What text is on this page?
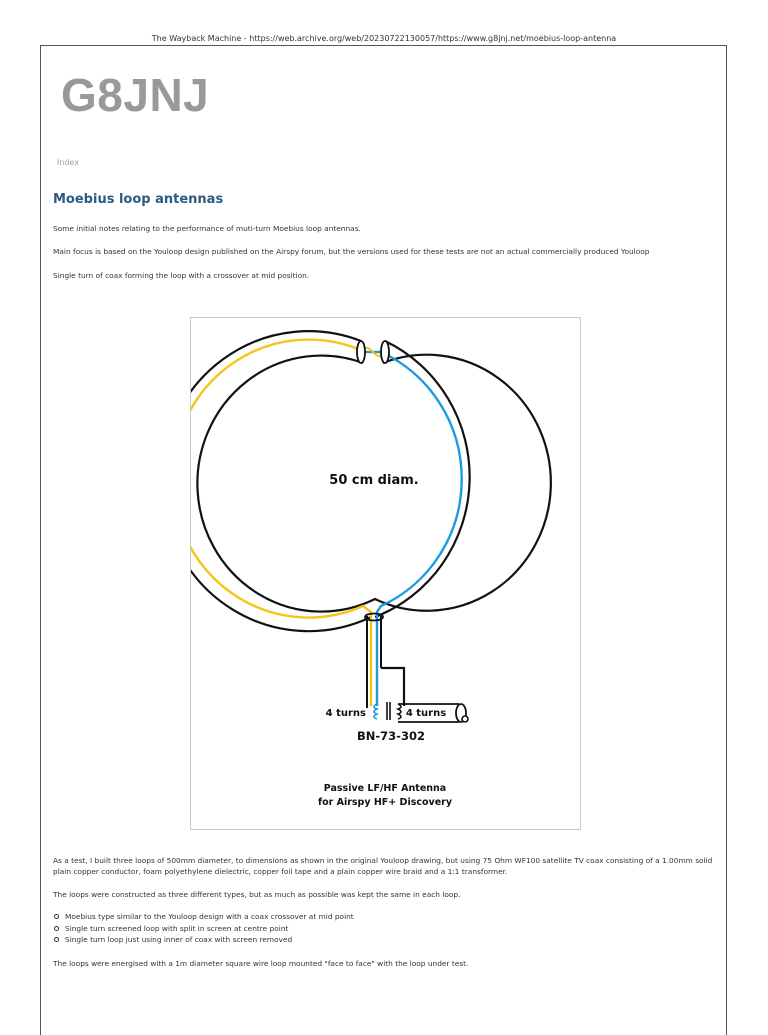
The Wayback Machine - https://web.archive.org/web/20230722130057/https://www.g8jnj.net/moebius-loop-antenna
G8JNJ
Index
Moebius loop antennas

Some initial notes relating to the performance of muti-turn Moebius loop antennas.

Main focus is based on the Youloop design published on the Airspy forum, but the versions used for these tests are not an actual commercially produced Youloop

Single turn of coax forming the loop with a crossover at mid position.

50 cm diam.
4 turns	4 turns
BN-73-302
Passive LF/HF Antenna
for Airspy HF+ Discovery

As a test, I built three loops of 500mm diameter, to dimensions as shown in the original Youloop drawing, but using 75 Ohm WF100 satellite TV coax consisting of a 1.00mm solid plain copper conductor, foam polyethylene dielectric, copper foil tape and a plain copper wire braid and a 1:1 transformer.

The loops were constructed as three different types, but as much as possible was kept the same in each loop.

Moebius type similar to the Youloop design with a coax crossover at mid point
Single turn screened loop with split in screen at centre point
Single turn loop just using inner of coax with screen removed

The loops were energised with a 1m diameter square wire loop mounted "face to face" with the loop under test.
